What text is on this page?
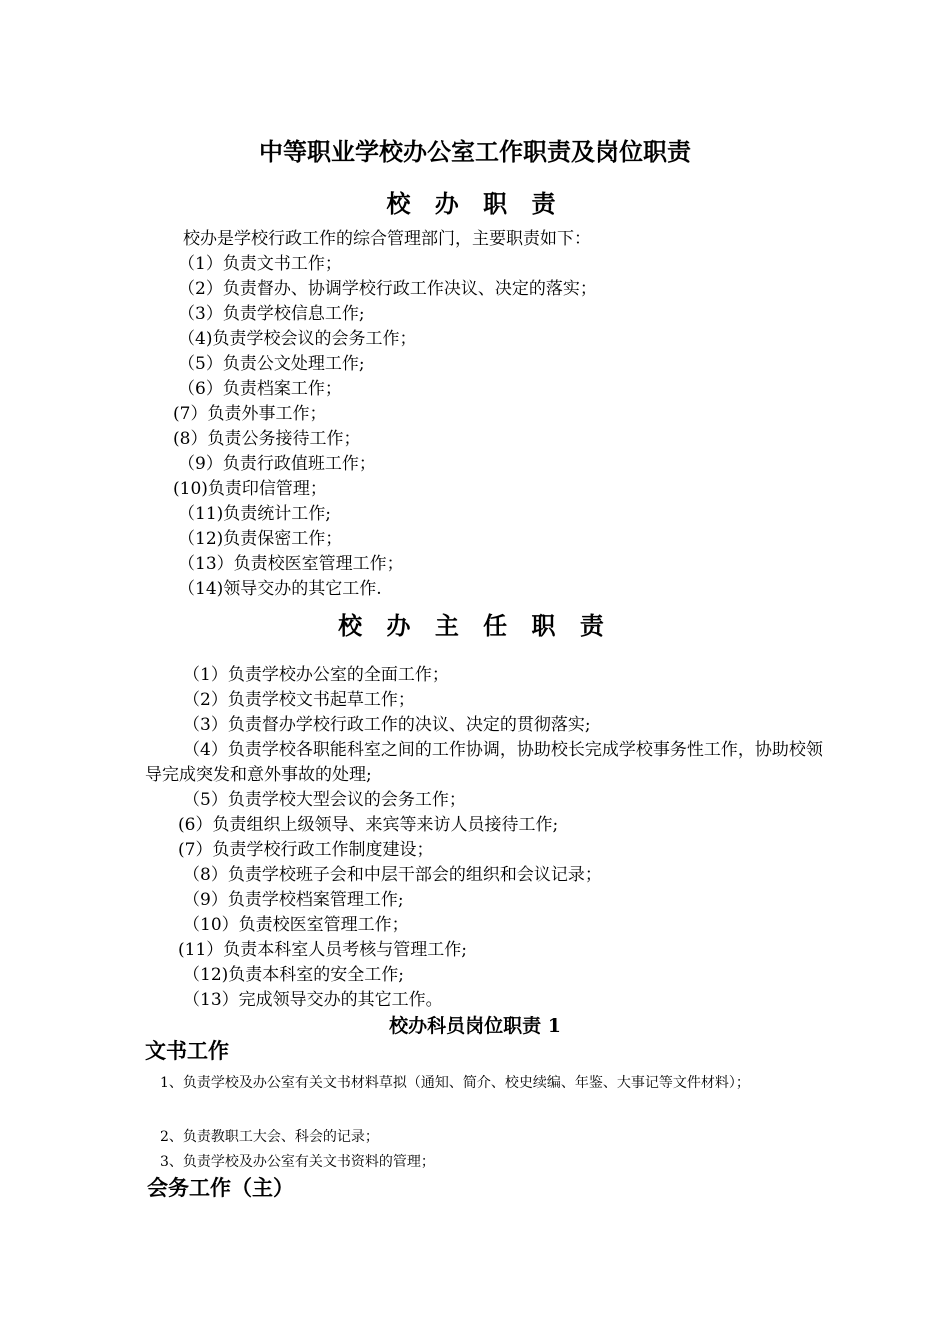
中等职业学校办公室工作职责及岗位职责
校 办 职 责
校办是学校行政工作的综合管理部门，主要职责如下：
（1）负责文书工作；
（2）负责督办、协调学校行政工作决议、决定的落实；
（3）负责学校信息工作;
（4)负责学校会议的会务工作；
（5）负责公文处理工作;
（6）负责档案工作；
(7）负责外事工作；
(8）负责公务接待工作；
（9）负责行政值班工作；
(10)负责印信管理；
（11)负责统计工作;
（12)负责保密工作；
（13）负责校医室管理工作；
（14)领导交办的其它工作.
校 办 主 任 职 责
（1）负责学校办公室的全面工作；
（2）负责学校文书起草工作；
（3）负责督办学校行政工作的决议、决定的贯彻落实;
（4）负责学校各职能科室之间的工作协调，协助校长完成学校事务性工作，协助校领导完成突发和意外事故的处理;
（5）负责学校大型会议的会务工作；
(6）负责组织上级领导、来宾等来访人员接待工作;
(7）负责学校行政工作制度建设；
（8）负责学校班子会和中层干部会的组织和会议记录；
（9）负责学校档案管理工作;
（10）负责校医室管理工作；
(11）负责本科室人员考核与管理工作;
（12)负责本科室的安全工作;
（13）完成领导交办的其它工作。
校办科员岗位职责 1
文书工作
1、负责学校及办公室有关文书材料草拟（通知、简介、校史续编、年鉴、大事记等文件材料）；
2、负责教职工大会、科会的记录；
3、负责学校及办公室有关文书资料的管理；
会务工作（主）
